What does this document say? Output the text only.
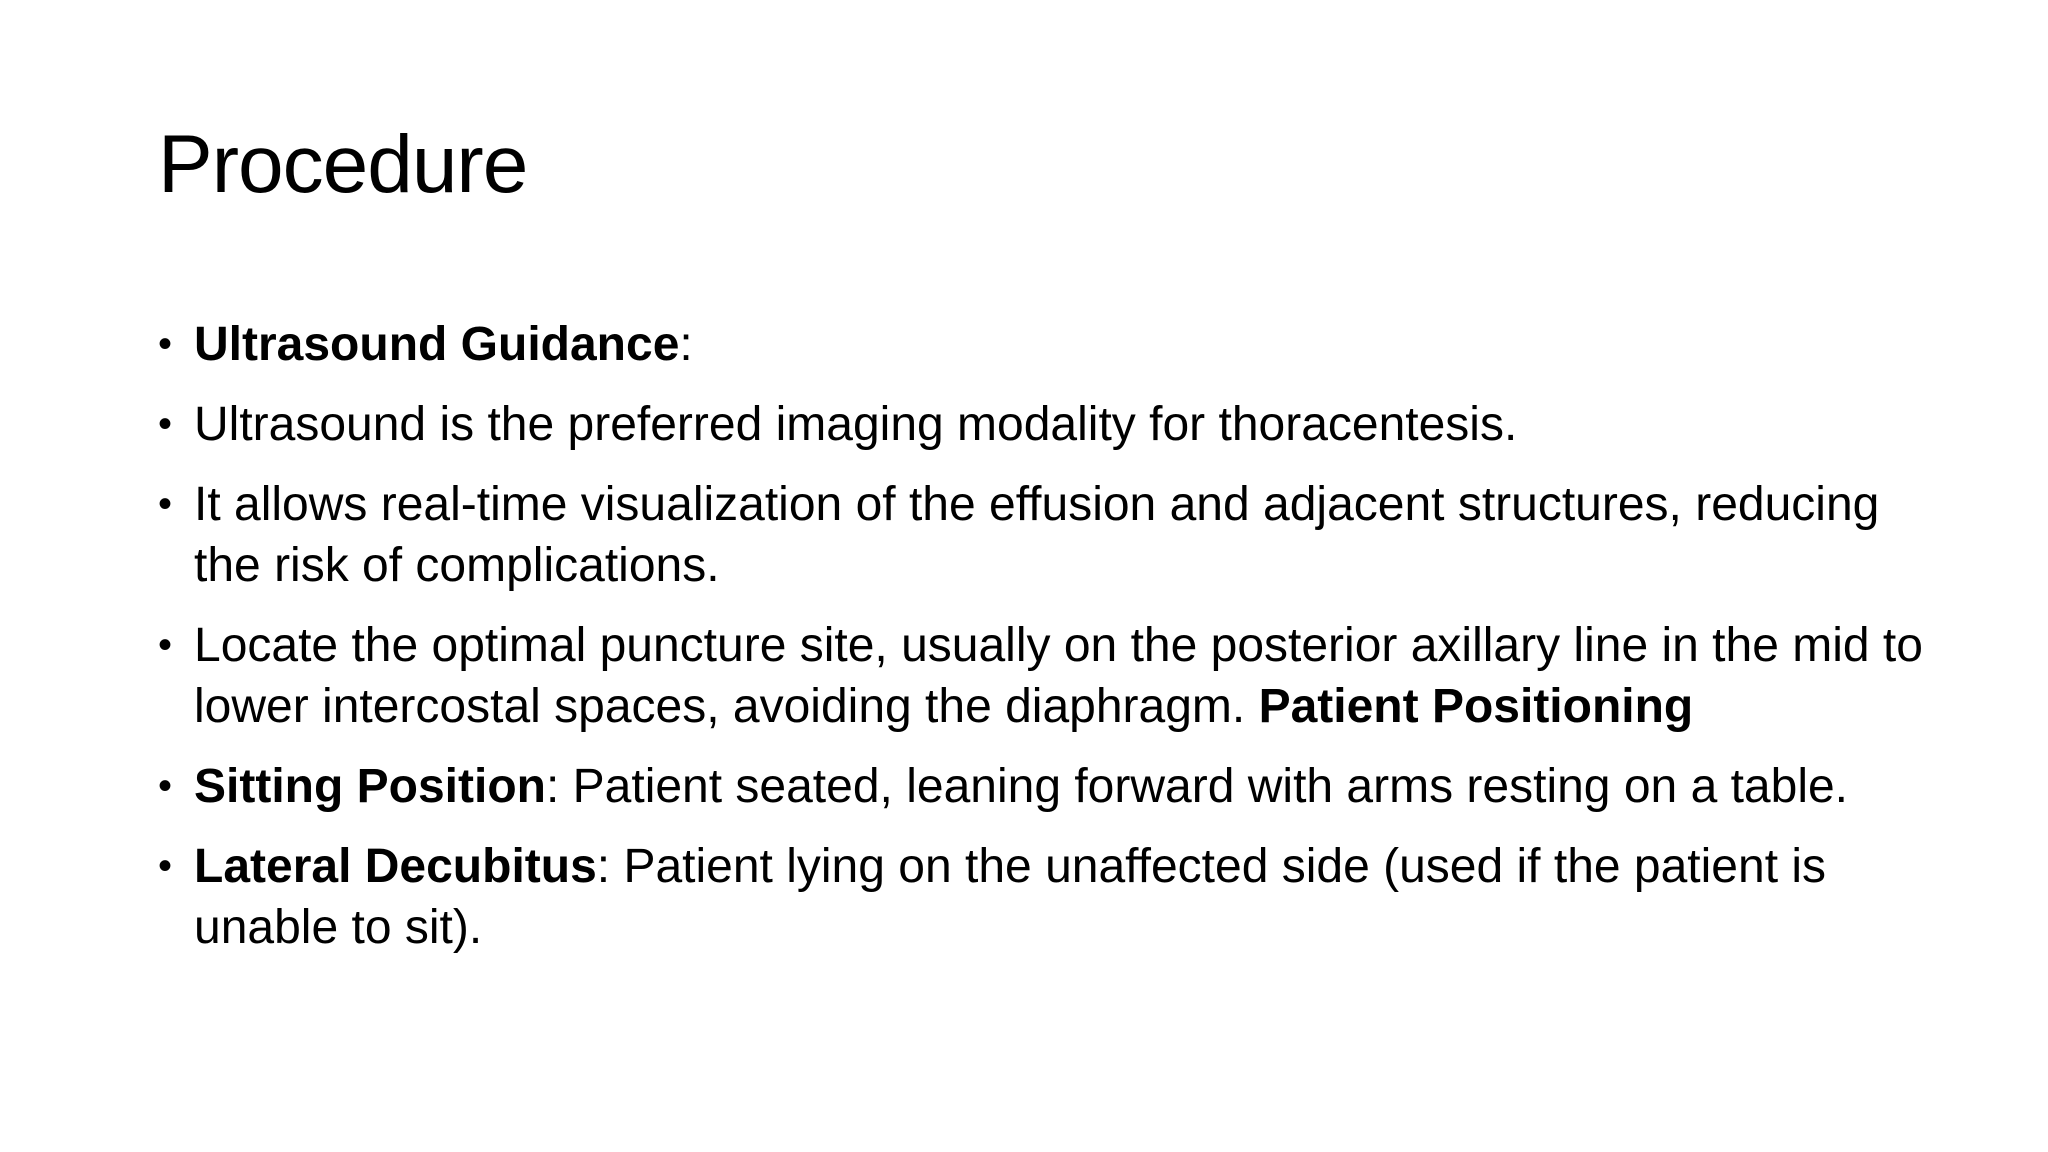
Procedure
• Ultrasound Guidance:
• Ultrasound is the preferred imaging modality for thoracentesis.
• It allows real-time visualization of the effusion and adjacent structures, reducing the risk of complications.
• Locate the optimal puncture site, usually on the posterior axillary line in the mid to lower intercostal spaces, avoiding the diaphragm. Patient Positioning
• Sitting Position: Patient seated, leaning forward with arms resting on a table.
• Lateral Decubitus: Patient lying on the unaffected side (used if the patient is unable to sit).
